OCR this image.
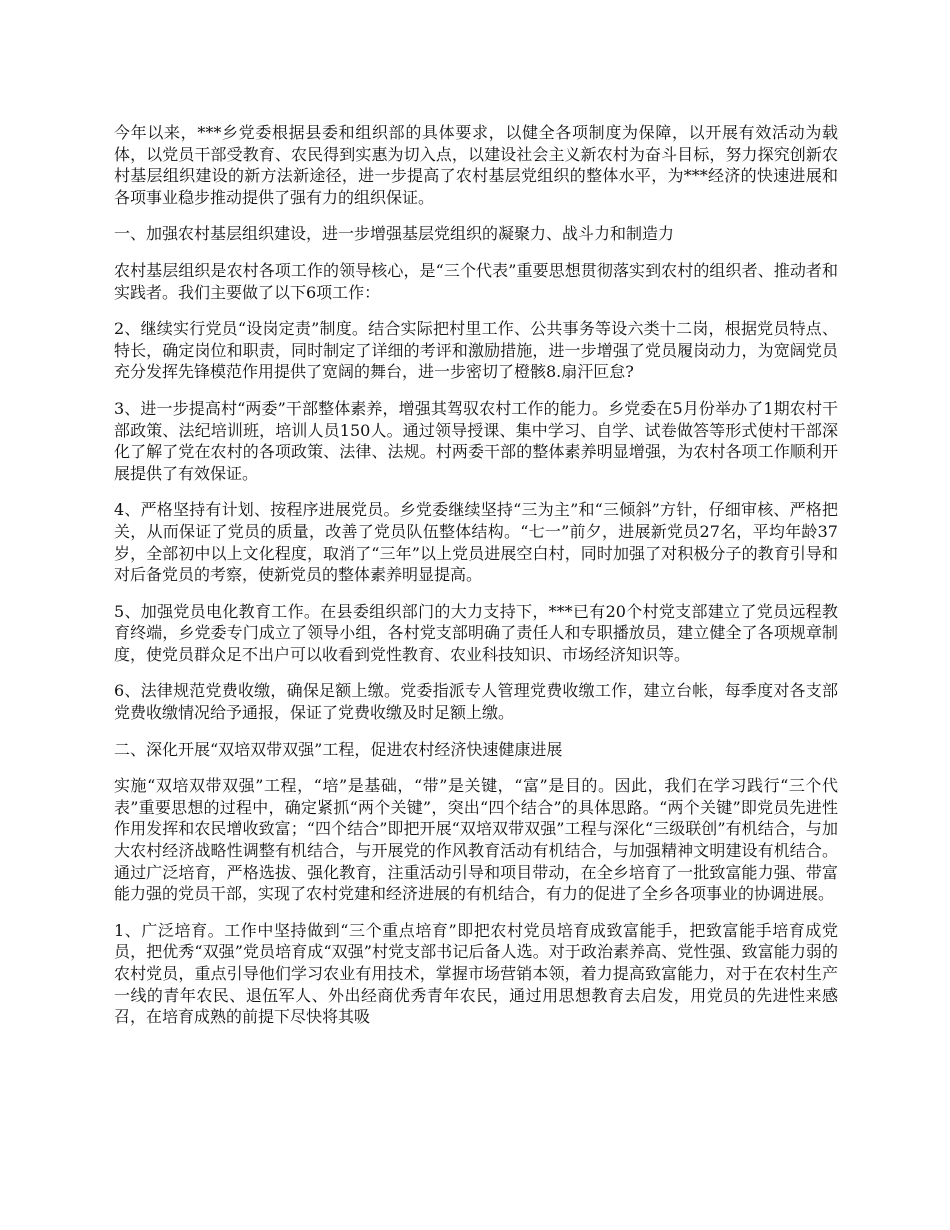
今年以来，***乡党委根据县委和组织部的具体要求，以健全各项制度为保障，以开展有效活动为载体，以党员干部受教育、农民得到实惠为切入点，以建设社会主义新农村为奋斗目标，努力探究创新农村基层组织建设的新方法新途径，进一步提高了农村基层党组织的整体水平，为***经济的快速进展和各项事业稳步推动提供了强有力的组织保证。

一、加强农村基层组织建设，进一步增强基层党组织的凝聚力、战斗力和制造力

农村基层组织是农村各项工作的领导核心，是“三个代表”重要思想贯彻落实到农村的组织者、推动者和实践者。我们主要做了以下6项工作：

2、继续实行党员“设岗定责”制度。结合实际把村里工作、公共事务等设六类十二岗，根据党员特点、特长，确定岗位和职责，同时制定了详细的考评和激励措施，进一步增强了党员履岗动力，为宽阔党员充分发挥先锋模范作用提供了宽阔的舞台，进一步密切了橙骸8.扇汗叵怠?

3、进一步提高村“两委”干部整体素养，增强其驾驭农村工作的能力。乡党委在5月份举办了1期农村干部政策、法纪培训班，培训人员150人。通过领导授课、集中学习、自学、试卷做答等形式使村干部深化了解了党在农村的各项政策、法律、法规。村两委干部的整体素养明显增强，为农村各项工作顺利开展提供了有效保证。

4、严格坚持有计划、按程序进展党员。乡党委继续坚持“三为主”和“三倾斜”方针，仔细审核、严格把关，从而保证了党员的质量，改善了党员队伍整体结构。“七一”前夕，进展新党员27名，平均年龄37岁，全部初中以上文化程度，取消了“三年”以上党员进展空白村，同时加强了对积极分子的教育引导和对后备党员的考察，使新党员的整体素养明显提高。

5、加强党员电化教育工作。在县委组织部门的大力支持下，***已有20个村党支部建立了党员远程教育终端，乡党委专门成立了领导小组，各村党支部明确了责任人和专职播放员，建立健全了各项规章制度，使党员群众足不出户可以收看到党性教育、农业科技知识、市场经济知识等。

6、法律规范党费收缴，确保足额上缴。党委指派专人管理党费收缴工作，建立台帐，每季度对各支部党费收缴情况给予通报，保证了党费收缴及时足额上缴。

二、深化开展“双培双带双强”工程，促进农村经济快速健康进展

实施“双培双带双强”工程，“培”是基础，“带”是关键，“富”是目的。因此，我们在学习践行“三个代表”重要思想的过程中，确定紧抓“两个关键”，突出“四个结合”的具体思路。“两个关键”即党员先进性作用发挥和农民增收致富；“四个结合”即把开展“双培双带双强”工程与深化“三级联创”有机结合，与加大农村经济战略性调整有机结合，与开展党的作风教育活动有机结合，与加强精神文明建设有机结合。通过广泛培育，严格选拔、强化教育，注重活动引导和项目带动，在全乡培育了一批致富能力强、带富能力强的党员干部，实现了农村党建和经济进展的有机结合，有力的促进了全乡各项事业的协调进展。

1、广泛培育。工作中坚持做到“三个重点培育”即把农村党员培育成致富能手，把致富能手培育成党员，把优秀“双强”党员培育成“双强”村党支部书记后备人选。对于政治素养高、党性强、致富能力弱的农村党员，重点引导他们学习农业有用技术，掌握市场营销本领，着力提高致富能力，对于在农村生产一线的青年农民、退伍军人、外出经商优秀青年农民，通过用思想教育去启发，用党员的先进性来感召，在培育成熟的前提下尽快将其吸
